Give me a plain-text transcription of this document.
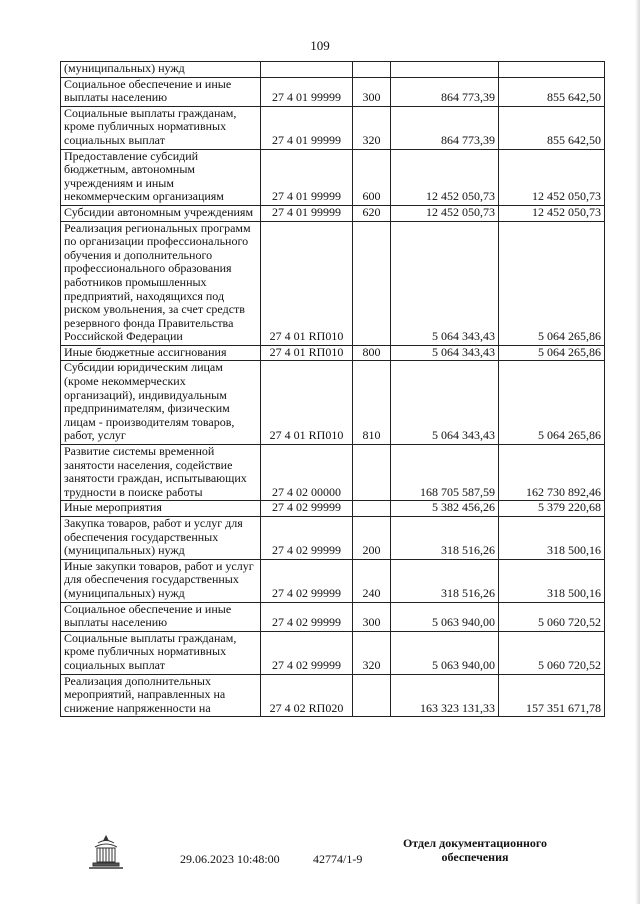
109
(муниципальных) нужд				
Социальное обеспечение и иные выплаты населению	27 4 01 99999	300	864 773,39	855 642,50
Социальные выплаты гражданам, кроме публичных нормативных социальных выплат	27 4 01 99999	320	864 773,39	855 642,50
Предоставление субсидий бюджетным, автономным учреждениям и иным некоммерческим организациям	27 4 01 99999	600	12 452 050,73	12 452 050,73
Субсидии автономным учреждениям	27 4 01 99999	620	12 452 050,73	12 452 050,73
Реализация региональных программ по организации профессионального обучения и дополнительного профессионального образования работников промышленных предприятий, находящихся под риском увольнения, за счет средств резервного фонда Правительства Российской Федерации	27 4 01 RП010		5 064 343,43	5 064 265,86
Иные бюджетные ассигнования	27 4 01 RП010	800	5 064 343,43	5 064 265,86
Субсидии юридическим лицам (кроме некоммерческих организаций), индивидуальным предпринимателям, физическим лицам - производителям товаров, работ, услуг	27 4 01 RП010	810	5 064 343,43	5 064 265,86
Развитие системы временной занятости населения, содействие занятости граждан, испытывающих трудности в поиске работы	27 4 02 00000		168 705 587,59	162 730 892,46
Иные мероприятия	27 4 02 99999		5 382 456,26	5 379 220,68
Закупка товаров, работ и услуг для обеспечения государственных (муниципальных) нужд	27 4 02 99999	200	318 516,26	318 500,16
Иные закупки товаров, работ и услуг для обеспечения государственных (муниципальных) нужд	27 4 02 99999	240	318 516,26	318 500,16
Социальное обеспечение и иные выплаты населению	27 4 02 99999	300	5 063 940,00	5 060 720,52
Социальные выплаты гражданам, кроме публичных нормативных социальных выплат	27 4 02 99999	320	5 063 940,00	5 060 720,52
Реализация дополнительных мероприятий, направленных на снижение напряженности на	27 4 02 RП020		163 323 131,33	157 351 671,78
29.06.2023 10:48:00	42774/1-9
Отдел документационного
обеспечения
